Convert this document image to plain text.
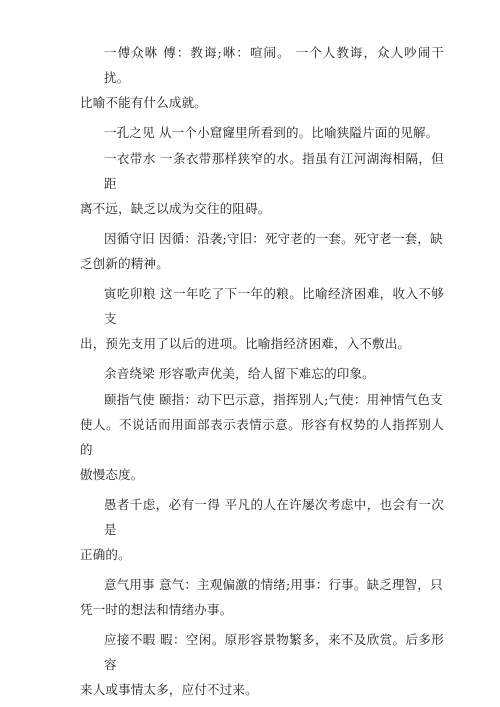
一傅众咻 傅：教诲;咻：喧闹。 一个人教诲，众人吵闹干扰。
比喻不能有什么成就。
一孔之见 从一个小窟窿里所看到的。比喻狭隘片面的见解。
一衣带水 一条衣带那样狭窄的水。指虽有江河湖海相隔，但距
离不远，缺乏以成为交往的阻碍。
因循守旧 因循：沿袭;守旧：死守老的一套。死守老一套，缺
乏创新的精神。
寅吃卯粮 这一年吃了下一年的粮。比喻经济困难，收入不够支
出，预先支用了以后的进项。比喻指经济困难，入不敷出。
余音绕梁 形容歌声优美，给人留下难忘的印象。
颐指气使 颐指：动下巴示意，指挥别人;气使：用神情气色支
使人。不说话而用面部表示表情示意。形容有权势的人指挥别人的
傲慢态度。
愚者千虑，必有一得 平凡的人在许屡次考虑中，也会有一次是
正确的。
意气用事 意气：主观偏激的情绪;用事：行事。缺乏理智，只
凭一时的想法和情绪办事。
应接不暇 暇：空闲。原形容景物繁多，来不及欣赏。后多形容
来人或事情太多，应付不过来。
